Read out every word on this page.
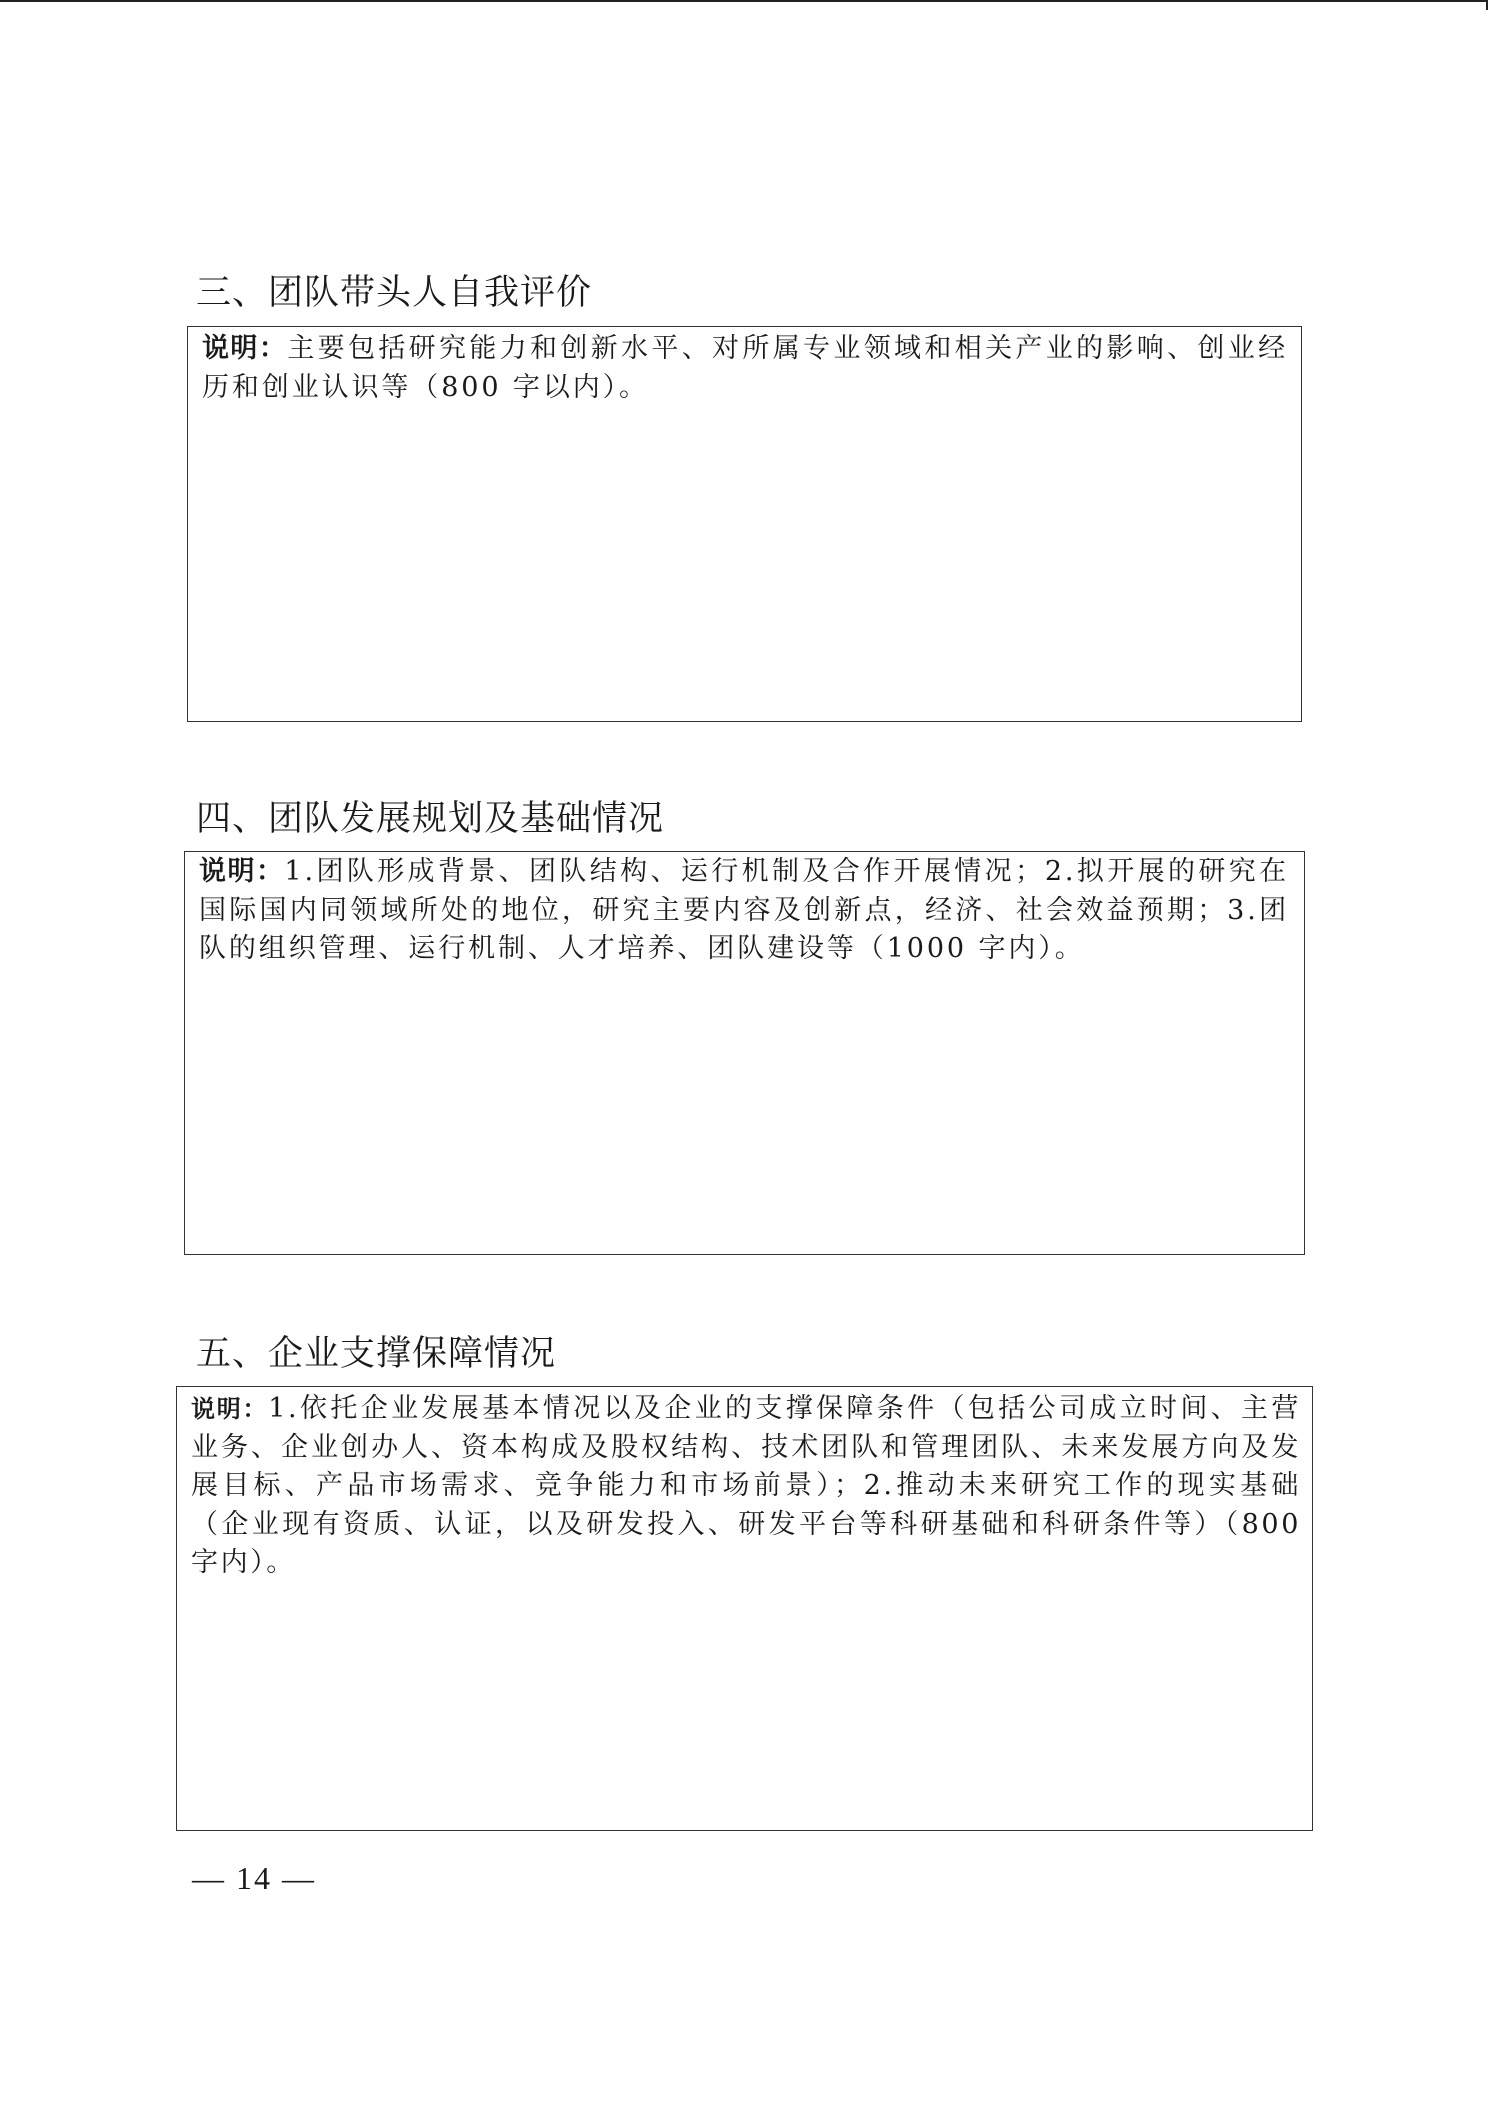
三、团队带头人自我评价

说明：主要包括研究能力和创新水平、对所属专业领域和相关产业的影响、创业经历和创业认识等（800 字以内）。

四、团队发展规划及基础情况

说明：1.团队形成背景、团队结构、运行机制及合作开展情况；2.拟开展的研究在国际国内同领域所处的地位，研究主要内容及创新点，经济、社会效益预期；3.团队的组织管理、运行机制、人才培养、团队建设等（1000 字内）。

五、企业支撑保障情况

说明：1.依托企业发展基本情况以及企业的支撑保障条件（包括公司成立时间、主营业务、企业创办人、资本构成及股权结构、技术团队和管理团队、未来发展方向及发展目标、产品市场需求、竞争能力和市场前景）；2.推动未来研究工作的现实基础（企业现有资质、认证，以及研发投入、研发平台等科研基础和科研条件等）（800 字内）。

— 14 —
